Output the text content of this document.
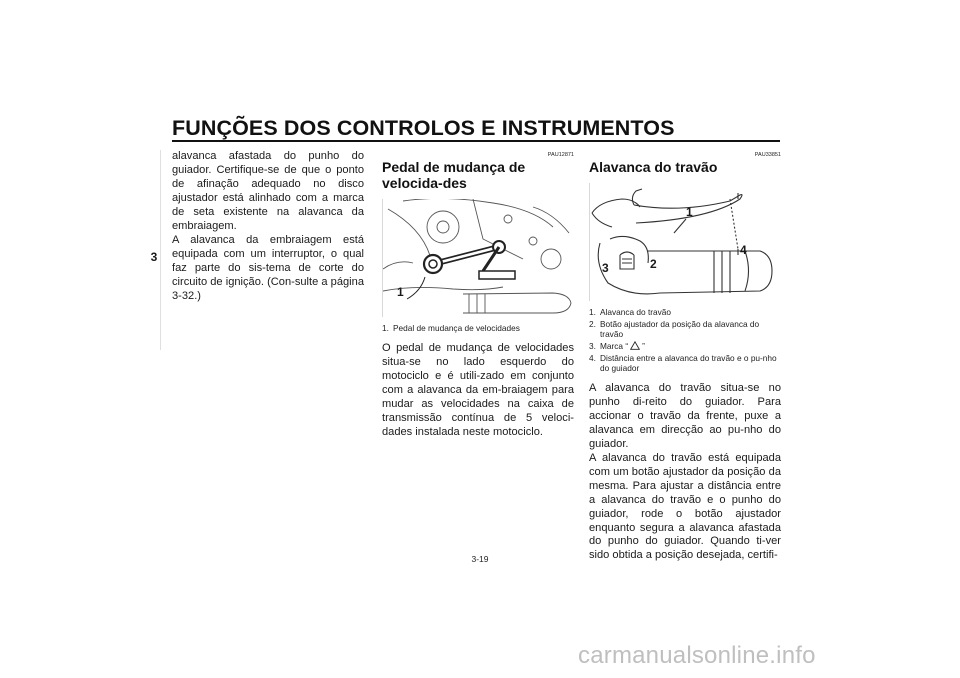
FUNÇÕES DOS CONTROLOS E INSTRUMENTOS
3
alavanca afastada do punho do guiador. Certifique-se de que o ponto de afinação adequado no disco ajustador está alinhado com a marca de seta existente na alavanca da embraiagem.
A alavanca da embraiagem está equipada com um interruptor, o qual faz parte do sis-tema de corte do circuito de ignição. (Con-sulte a página 3-32.)
PAU12871
Pedal de mudança de velocida-des
1
1. Pedal de mudança de velocidades
O pedal de mudança de velocidades situa-se no lado esquerdo do motociclo e é utili-zado em conjunto com a alavanca da em-braiagem para mudar as velocidades na caixa de transmissão contínua de 5 veloci-dades instalada neste motociclo.
PAU33851
Alavanca do travão
1
2
3
4
1. Alavanca do travão
2. Botão ajustador da posição da alavanca do travão
3. Marca “ ”
4. Distância entre a alavanca do travão e o pu-nho do guiador
A alavanca do travão situa-se no punho di-reito do guiador. Para accionar o travão da frente, puxe a alavanca em direcção ao pu-nho do guiador.
A alavanca do travão está equipada com um botão ajustador da posição da mesma. Para ajustar a distância entre a alavanca do travão e o punho do guiador, rode o botão ajustador enquanto segura a alavanca afastada do punho do guiador. Quando ti-ver sido obtida a posição desejada, certifi-
3-19
carmanualsonline.info
